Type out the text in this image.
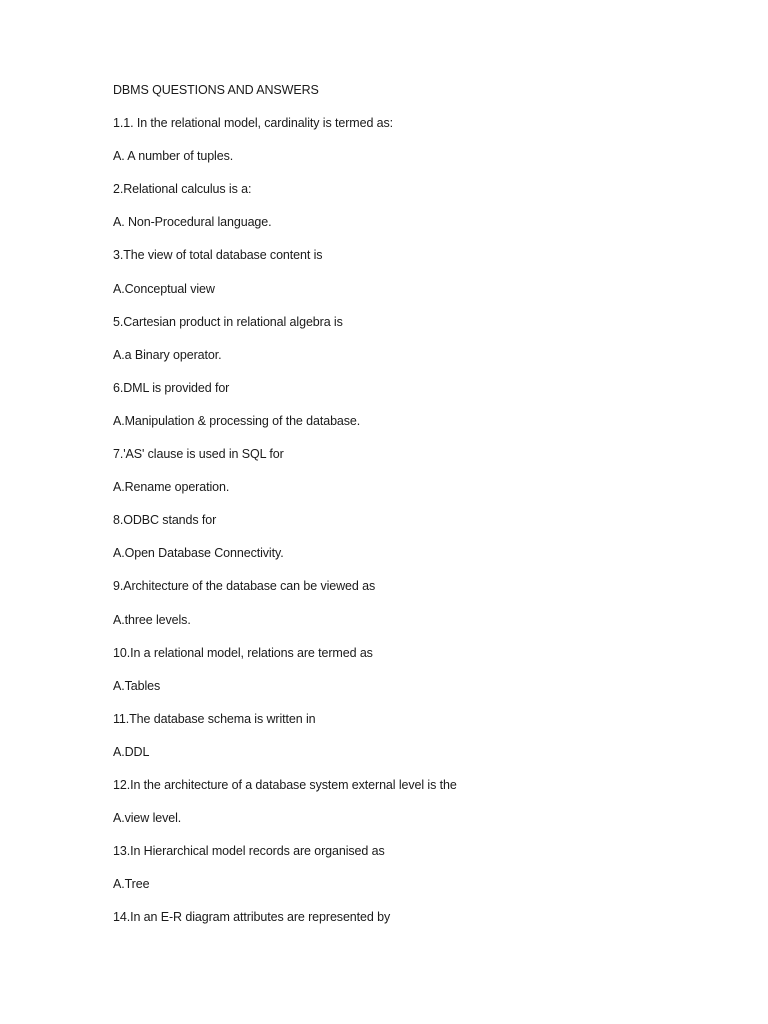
DBMS QUESTIONS AND ANSWERS
1.1. In the relational model, cardinality is termed as:
A. A number of tuples.
2.Relational calculus is a:
A. Non-Procedural language.
3.The view of total database content is
A.Conceptual view
5.Cartesian product in relational algebra is
A.a Binary operator.
6.DML is provided for
A.Manipulation & processing of the database.
7.'AS' clause is used in SQL for
A.Rename operation.
8.ODBC stands for
A.Open Database Connectivity.
9.Architecture of the database can be viewed as
A.three levels.
10.In a relational model, relations are termed as
A.Tables
11.The database schema is written in
A.DDL
12.In the architecture of a database system external level is the
A.view level.
13.In Hierarchical model records are organised as
A.Tree
14.In an E-R diagram attributes are represented by
